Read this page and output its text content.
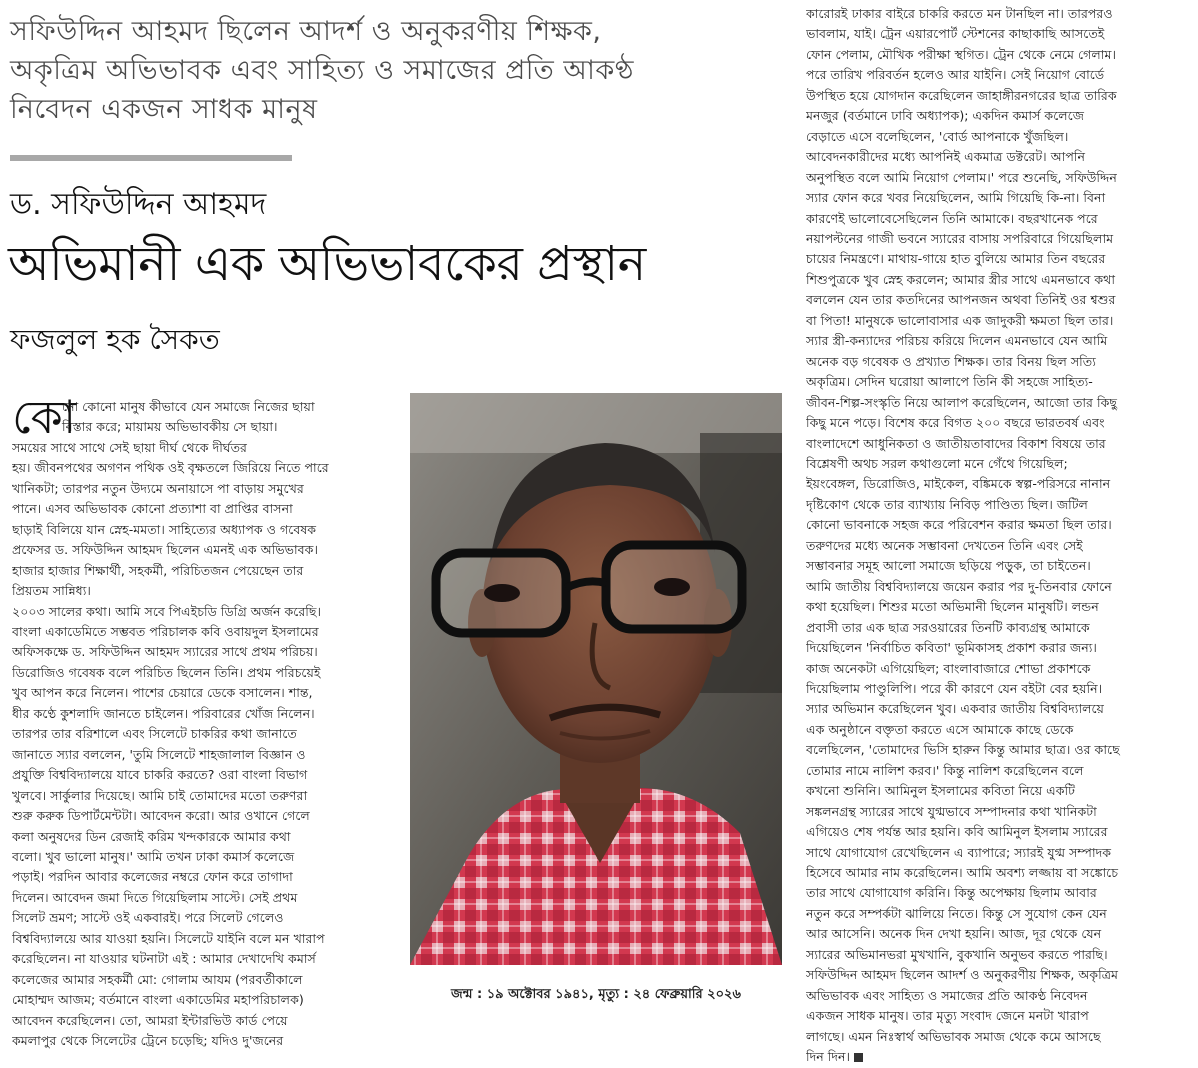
সফিউদ্দিন আহমদ ছিলেন আদর্শ ও অনুকরণীয় শিক্ষক,
অকৃত্রিম অভিভাবক এবং সাহিত্য ও সমাজের প্রতি আকণ্ঠ
নিবেদন একজন সাধক মানুষ
ড. সফিউদ্দিন আহমদ
অভিমানী এক অভিভাবকের প্রস্থান
ফজলুল হক সৈকত
কো
নো কোনো মানুষ কীভাবে যেন সমাজে নিজের ছায়া
বিস্তার করে; মায়াময় অভিভাবকীয় সে ছায়া।
সময়ের সাথে সাথে সেই ছায়া দীর্ঘ থেকে দীর্ঘতর
হয়। জীবনপথের অগণন পথিক ওই বৃক্ষতলে জিরিয়ে নিতে পারে
খানিকটা; তারপর নতুন উদ্যমে অনায়াসে পা বাড়ায় সমুখের
পানে। এসব অভিভাবক কোনো প্রত্যাশা বা প্রাপ্তির বাসনা
ছাড়াই বিলিয়ে যান স্নেহ-মমতা। সাহিত্যের অধ্যাপক ও গবেষক
প্রফেসর ড. সফিউদ্দিন আহমদ ছিলেন এমনই এক অভিভাবক।
হাজার হাজার শিক্ষার্থী, সহকর্মী, পরিচিতজন পেয়েছেন তার
প্রিয়তম সান্নিধ্য।
২০০৩ সালের কথা। আমি সবে পিএইচডি ডিগ্রি অর্জন করেছি।
বাংলা একাডেমিতে সম্ভবত পরিচালক কবি ওবায়দুল ইসলামের
অফিসকক্ষে ড. সফিউদ্দিন আহমদ স্যারের সাথে প্রথম পরিচয়।
ডিরোজিও গবেষক বলে পরিচিত ছিলেন তিনি। প্রথম পরিচয়েই
খুব আপন করে নিলেন। পাশের চেয়ারে ডেকে বসালেন। শান্ত,
ধীর কণ্ঠে কুশলাদি জানতে চাইলেন। পরিবারের খোঁজ নিলেন।
তারপর তার বরিশালে এবং সিলেটে চাকরির কথা জানাতে
জানাতে স্যার বললেন, 'তুমি সিলেটে শাহজালাল বিজ্ঞান ও
প্রযুক্তি বিশ্ববিদ্যালয়ে যাবে চাকরি করতে? ওরা বাংলা বিভাগ
খুলবে। সার্কুলার দিয়েছে। আমি চাই তোমাদের মতো তরুণরা
শুরু করুক ডিপার্টমেন্টটা। আবেদন করো। আর ওখানে গেলে
কলা অনুষদের ডিন রেজাই করিম খন্দকারকে আমার কথা
বলো। খুব ভালো মানুষ।' আমি তখন ঢাকা কমার্স কলেজে
পড়াই। পরদিন আবার কলেজের নম্বরে ফোন করে তাগাদা
দিলেন। আবেদন জমা দিতে গিয়েছিলাম সাস্টে। সেই প্রথম
সিলেট ভ্রমণ; সাস্টে ওই একবারই। পরে সিলেট গেলেও
বিশ্ববিদ্যালয়ে আর যাওয়া হয়নি। সিলেটে যাইনি বলে মন খারাপ
করেছিলেন। না যাওয়ার ঘটনাটা এই : আমার দেখাদেখি কমার্স
কলেজের আমার সহকর্মী মো: গোলাম আযম (পরবর্তীকালে
মোহাম্মদ আজম; বর্তমানে বাংলা একাডেমির মহাপরিচালক)
আবেদন করেছিলেন। তো, আমরা ইন্টারভিউ কার্ড পেয়ে
কমলাপুর থেকে সিলেটের ট্রেনে চড়েছি; যদিও দু'জনের
জন্ম : ১৯ অক্টোবর ১৯৪১, মৃত্যু : ২৪ ফেব্রুয়ারি ২০২৬
কারোরই ঢাকার বাইরে চাকরি করতে মন টানছিল না। তারপরও
ভাবলাম, যাই। ট্রেন এয়ারপোর্ট স্টেশনের কাছাকাছি আসতেই
ফোন পেলাম, মৌখিক পরীক্ষা স্থগিত। ট্রেন থেকে নেমে গেলাম।
পরে তারিখ পরিবর্তন হলেও আর যাইনি। সেই নিয়োগ বোর্ডে
উপস্থিত হয়ে যোগদান করেছিলেন জাহাঙ্গীরনগরের ছাত্র তারিক
মনজুর (বর্তমানে ঢাবি অধ্যাপক); একদিন কমার্স কলেজে
বেড়াতে এসে বলেছিলেন, 'বোর্ড আপনাকে খুঁজছিল।
আবেদনকারীদের মধ্যে আপনিই একমাত্র ডক্টরেট। আপনি
অনুপস্থিত বলে আমি নিয়োগ পেলাম।' পরে শুনেছি, সফিউদ্দিন
স্যার ফোন করে খবর নিয়েছিলেন, আমি গিয়েছি কি-না। বিনা
কারণেই ভালোবেসেছিলেন তিনি আমাকে। বছরখানেক পরে
নয়াপল্টনের গাজী ভবনে স্যারের বাসায় সপরিবারে গিয়েছিলাম
চায়ের নিমন্ত্রণে। মাথায়-গায়ে হাত বুলিয়ে আমার তিন বছরের
শিশুপুত্রকে খুব স্নেহ করলেন; আমার স্ত্রীর সাথে এমনভাবে কথা
বললেন যেন তার কতদিনের আপনজন অথবা তিনিই ওর শ্বশুর
বা পিতা! মানুষকে ভালোবাসার এক জাদুকরী ক্ষমতা ছিল তার।
স্যার স্ত্রী-কন্যাদের পরিচয় করিয়ে দিলেন এমনভাবে যেন আমি
অনেক বড় গবেষক ও প্রখ্যাত শিক্ষক। তার বিনয় ছিল সত্যি
অকৃত্রিম। সেদিন ঘরোয়া আলাপে তিনি কী সহজে সাহিত্য-
জীবন-শিল্প-সংস্কৃতি নিয়ে আলাপ করেছিলেন, আজো তার কিছু
কিছু মনে পড়ে। বিশেষ করে বিগত ২০০ বছরে ভারতবর্ষ এবং
বাংলাদেশে আধুনিকতা ও জাতীয়তাবাদের বিকাশ বিষয়ে তার
বিশ্লেষণী অথচ সরল কথাগুলো মনে গেঁথে গিয়েছিল;
ইয়ংবেঙ্গল, ডিরোজিও, মাইকেল, বঙ্কিমকে স্বল্প-পরিসরে নানান
দৃষ্টিকোণ থেকে তার ব্যাখ্যায় নিবিড় পাণ্ডিত্য ছিল। জটিল
কোনো ভাবনাকে সহজ করে পরিবেশন করার ক্ষমতা ছিল তার।
তরুণদের মধ্যে অনেক সম্ভাবনা দেখতেন তিনি এবং সেই
সম্ভাবনার সমূহ আলো সমাজে ছড়িয়ে পড়ুক, তা চাইতেন।
আমি জাতীয় বিশ্ববিদ্যালয়ে জয়েন করার পর দু-তিনবার ফোনে
কথা হয়েছিল। শিশুর মতো অভিমানী ছিলেন মানুষটি। লন্ডন
প্রবাসী তার এক ছাত্র সরওয়ারের তিনটি কাব্যগ্রন্থ আমাকে
দিয়েছিলেন 'নির্বাচিত কবিতা' ভূমিকাসহ প্রকাশ করার জন্য।
কাজ অনেকটা এগিয়েছিল; বাংলাবাজারে শোভা প্রকাশকে
দিয়েছিলাম পাণ্ডুলিপি। পরে কী কারণে যেন বইটা বের হয়নি।
স্যার অভিমান করেছিলেন খুব। একবার জাতীয় বিশ্ববিদ্যালয়ে
এক অনুষ্ঠানে বক্তৃতা করতে এসে আমাকে কাছে ডেকে
বলেছিলেন, 'তোমাদের ভিসি হারুন কিন্তু আমার ছাত্র। ওর কাছে
তোমার নামে নালিশ করব।' কিন্তু নালিশ করেছিলেন বলে
কখনো শুনিনি। আমিনুল ইসলামের কবিতা নিয়ে একটি
সঙ্কলনগ্রন্থ স্যারের সাথে যুগ্মভাবে সম্পাদনার কথা খানিকটা
এগিয়েও শেষ পর্যন্ত আর হয়নি। কবি আমিনুল ইসলাম স্যারের
সাথে যোগাযোগ রেখেছিলেন এ ব্যাপারে; স্যারই যুগ্ম সম্পাদক
হিসেবে আমার নাম করেছিলেন। আমি অবশ্য লজ্জায় বা সঙ্কোচে
তার সাথে যোগাযোগ করিনি। কিন্তু অপেক্ষায় ছিলাম আবার
নতুন করে সম্পর্কটা ঝালিয়ে নিতে। কিন্তু সে সুযোগ কেন যেন
আর আসেনি। অনেক দিন দেখা হয়নি। আজ, দূর থেকে যেন
স্যারের অভিমানভরা মুখখানি, বুকখানি অনুভব করতে পারছি।
সফিউদ্দিন আহমদ ছিলেন আদর্শ ও অনুকরণীয় শিক্ষক, অকৃত্রিম
অভিভাবক এবং সাহিত্য ও সমাজের প্রতি আকণ্ঠ নিবেদন
একজন সাধক মানুষ। তার মৃত্যু সংবাদ জেনে মনটা খারাপ
লাগছে। এমন নিঃস্বার্থ অভিভাবক সমাজ থেকে কমে আসছে
দিন দিন।
